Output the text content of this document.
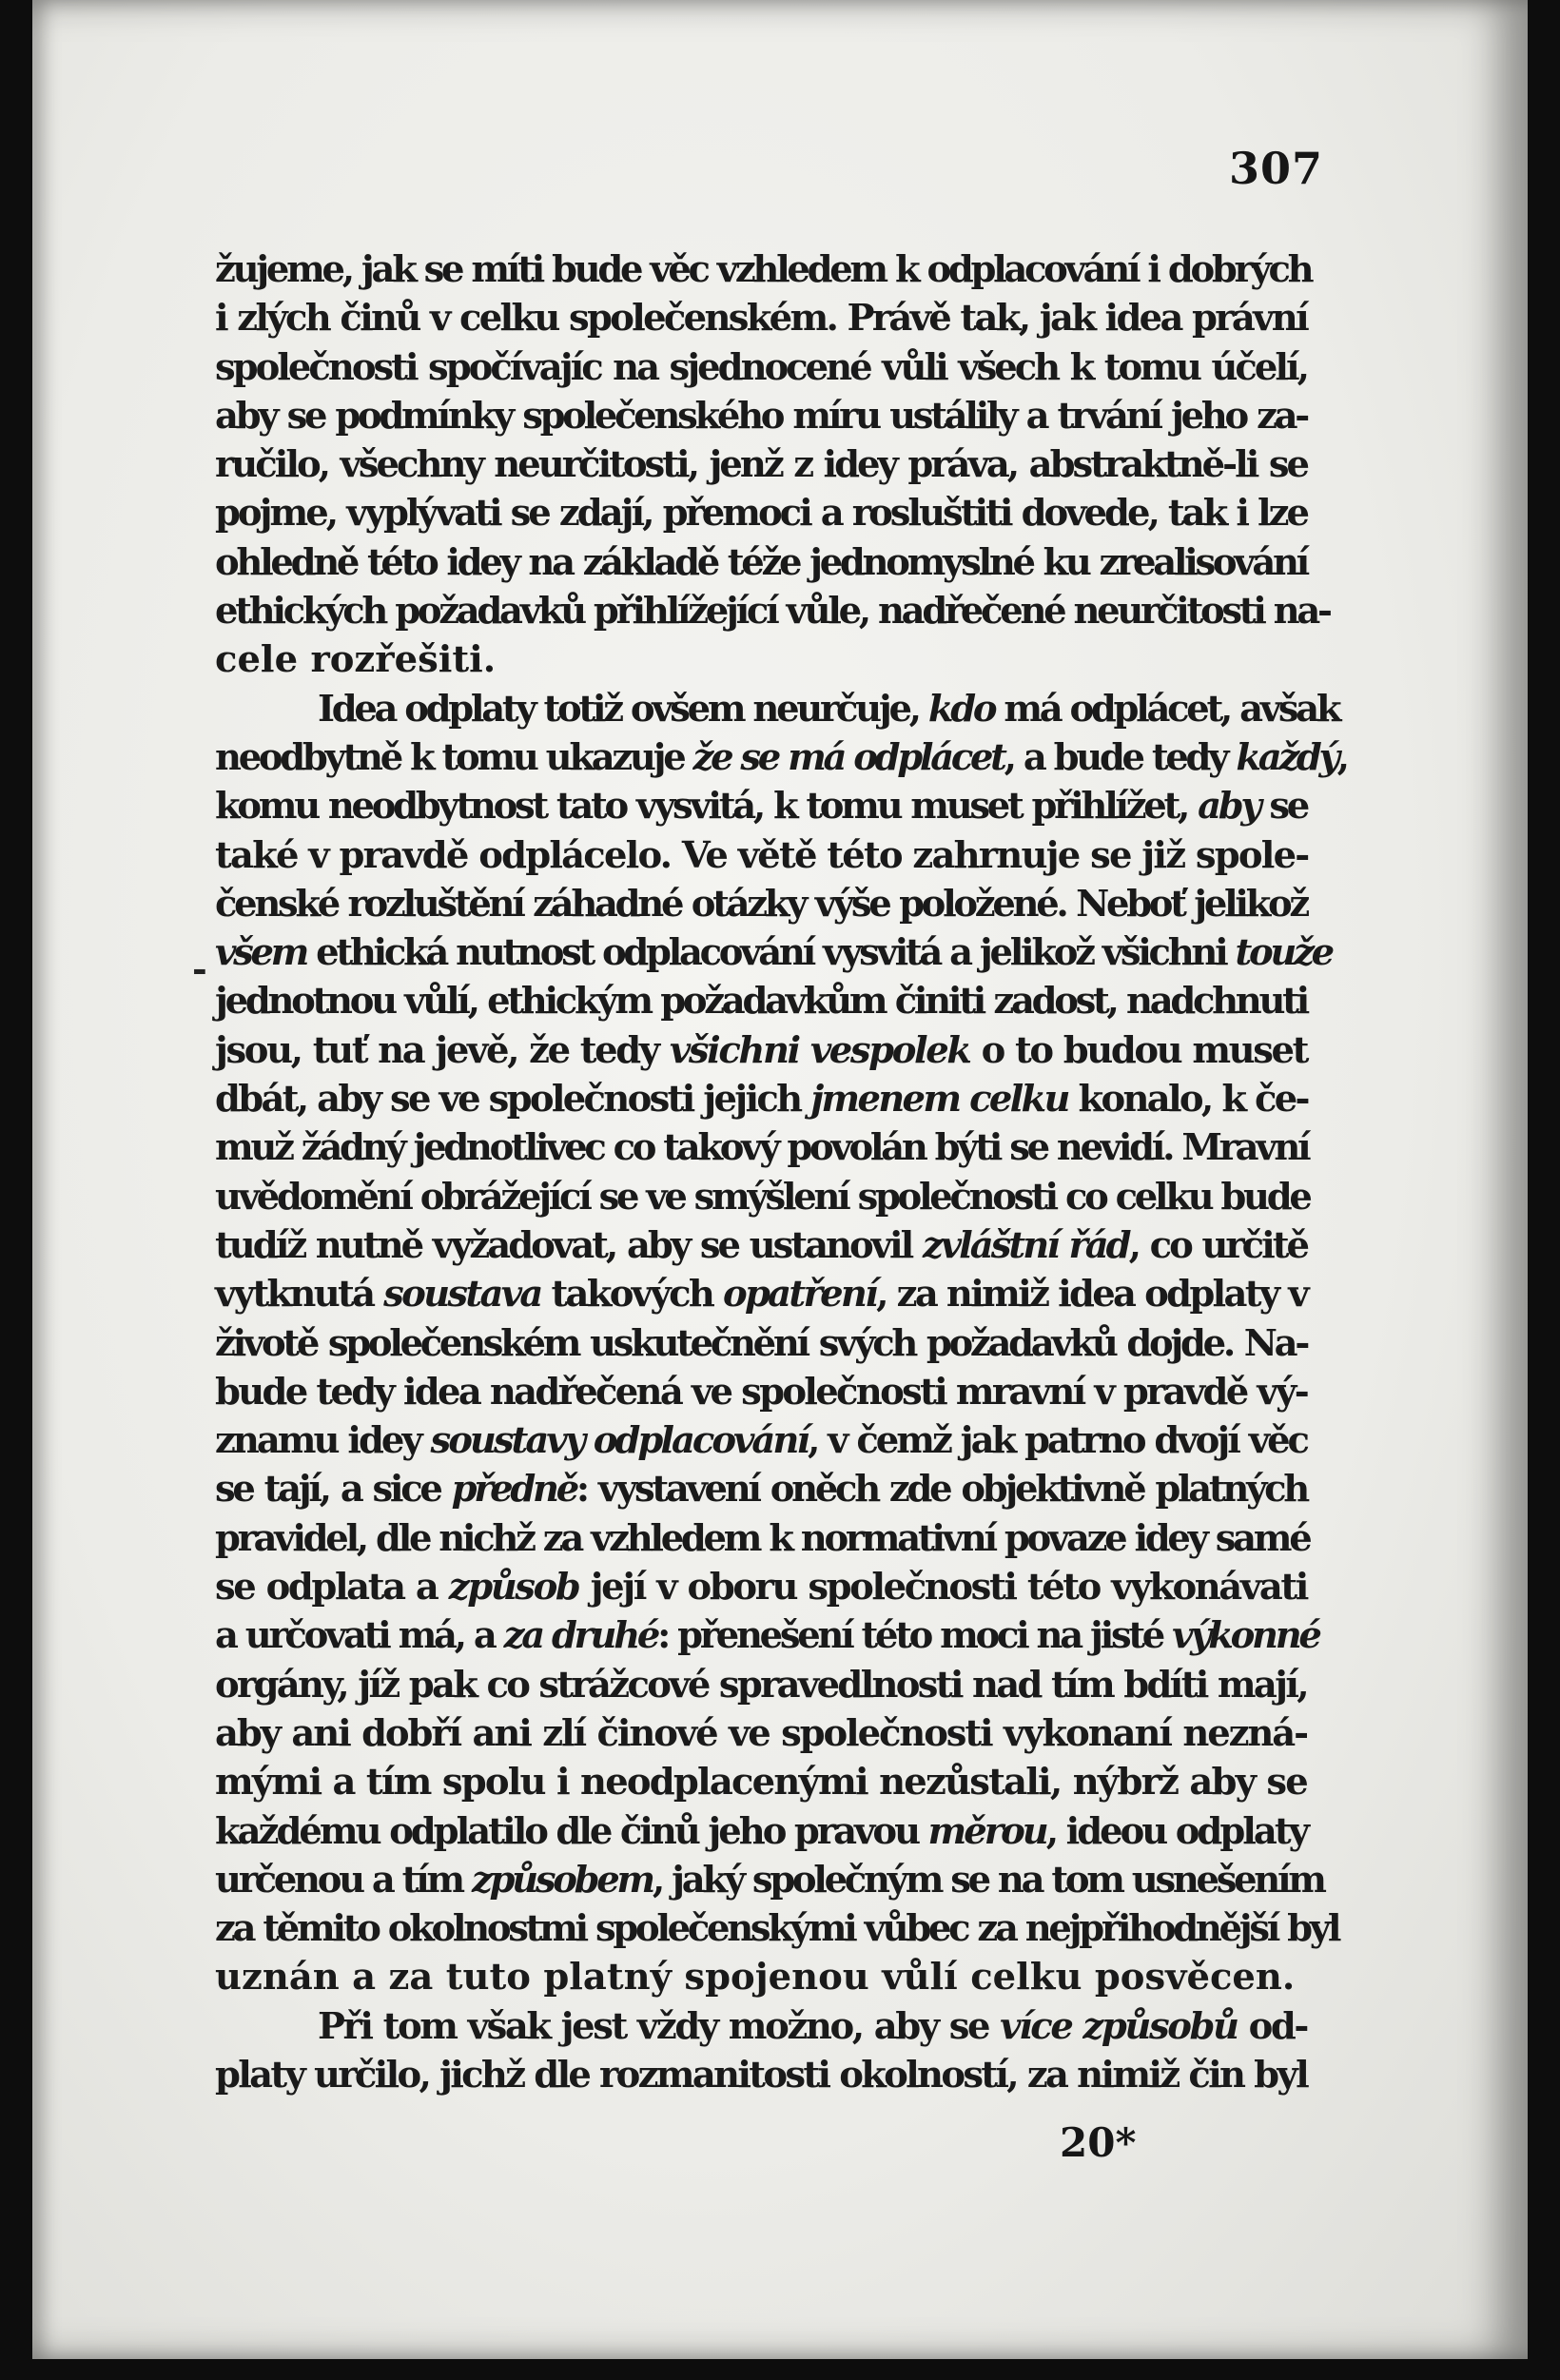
307
-
žujeme, jak se míti bude věc vzhledem k odplacování i dobrých
i zlých činů v celku společenském. Právě tak, jak idea právní
společnosti spočívajíc na sjednocené vůli všech k tomu účelí,
aby se podmínky společenského míru ustálily a trvání jeho za-
ručilo, všechny neurčitosti, jenž z idey práva, abstraktně-li se
pojme, vyplývati se zdají, přemoci a rosluštiti dovede, tak i lze
ohledně této idey na základě téže jednomyslné ku zrealisování
ethických požadavků přihlížející vůle, nadřečené neurčitosti na-
cele rozřešiti.
Idea odplaty totiž ovšem neurčuje, kdo má odplácet, avšak
neodbytně k tomu ukazuje že se má odplácet, a bude tedy každý,
komu neodbytnost tato vysvitá, k tomu muset přihlížet, aby se
také v pravdě odplácelo. Ve větě této zahrnuje se již spole-
čenské rozluštění záhadné otázky výše položené. Neboť jelikož
všem ethická nutnost odplacování vysvitá a jelikož všichni touže
jednotnou vůlí, ethickým požadavkům činiti zadost, nadchnuti
jsou, tuť na jevě, že tedy všichni vespolek o to budou muset
dbát, aby se ve společnosti jejich jmenem celku konalo, k če-
muž žádný jednotlivec co takový povolán býti se nevidí. Mravní
uvědomění obrážející se ve smýšlení společnosti co celku bude
tudíž nutně vyžadovat, aby se ustanovil zvláštní řád, co určitě
vytknutá soustava takových opatření, za nimiž idea odplaty v
životě společenském uskutečnění svých požadavků dojde. Na-
bude tedy idea nadřečená ve společnosti mravní v pravdě vý-
znamu idey soustavy odplacování, v čemž jak patrno dvojí věc
se tají, a sice předně: vystavení oněch zde objektivně platných
pravidel, dle nichž za vzhledem k normativní povaze idey samé
se odplata a způsob její v oboru společnosti této vykonávati
a určovati má, a za druhé: přenešení této moci na jisté výkonné
orgány, jíž pak co strážcové spravedlnosti nad tím bdíti mají,
aby ani dobří ani zlí činové ve společnosti vykonaní nezná-
mými a tím spolu i neodplacenými nezůstali, nýbrž aby se
každému odplatilo dle činů jeho pravou měrou, ideou odplaty
určenou a tím způsobem, jaký společným se na tom usnešením
za těmito okolnostmi společenskými vůbec za nejpřihodnější byl
uznán a za tuto platný spojenou vůlí celku posvěcen.
Při tom však jest vždy možno, aby se více způsobů od-
platy určilo, jichž dle rozmanitosti okolností, za nimiž čin byl
20*
